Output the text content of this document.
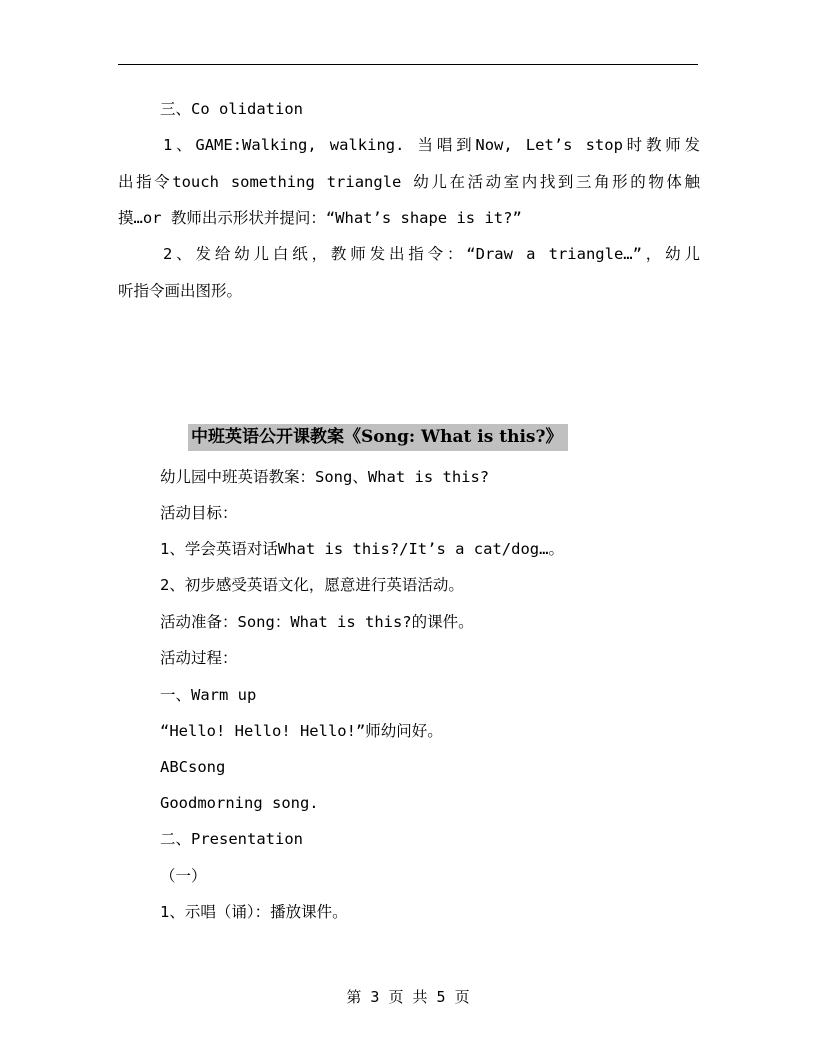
三、Co olidation
1、GAME:Walking, walking. 当唱到Now, Let’s stop时教师发
出指令touch something triangle 幼儿在活动室内找到三角形的物体触
摸…or 教师出示形状并提问：“What’s shape is it?”
2、发给幼儿白纸，教师发出指令：“Draw a triangle…”，幼儿
听指令画出图形。
中班英语公开课教案《Song: What is this?》
幼儿园中班英语教案：Song、What is this?
活动目标：
1、学会英语对话What is this?/It’s a cat/dog…。
2、初步感受英语文化，愿意进行英语活动。
活动准备：Song：What is this?的课件。
活动过程：
一、Warm up
“Hello! Hello! Hello!”师幼问好。
ABCsong
Goodmorning song.
二、Presentation
（一）
1、示唱（诵）：播放课件。
第 3 页 共 5 页
